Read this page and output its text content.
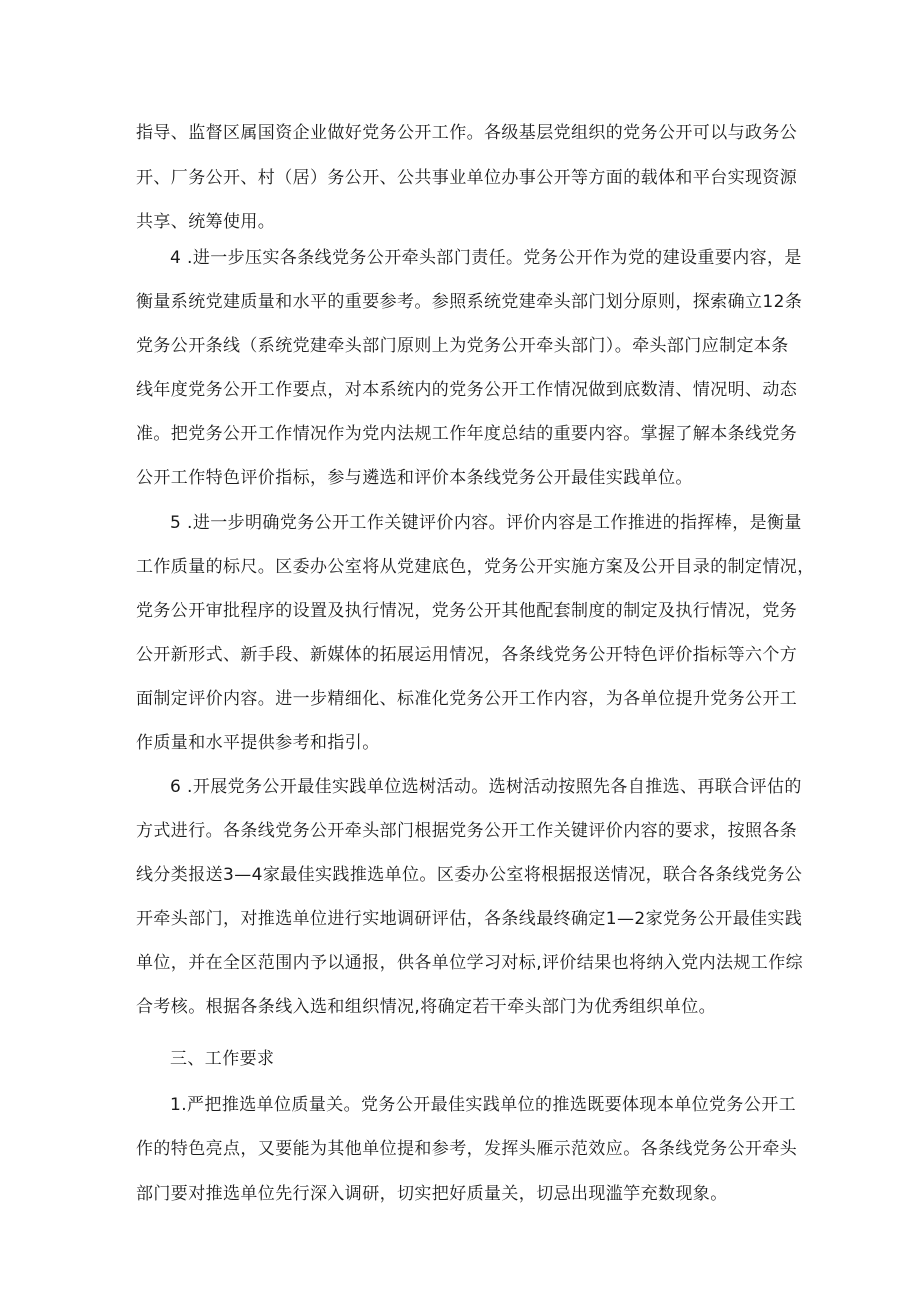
指导、监督区属国资企业做好党务公开工作。各级基层党组织的党务公开可以与政务公
开、厂务公开、村（居）务公开、公共事业单位办事公开等方面的载体和平台实现资源
共享、统筹使用。
4 .进一步压实各条线党务公开牵头部门责任。党务公开作为党的建设重要内容，是
衡量系统党建质量和水平的重要参考。参照系统党建牵头部门划分原则，探索确立12条
党务公开条线（系统党建牵头部门原则上为党务公开牵头部门）。牵头部门应制定本条
线年度党务公开工作要点，对本系统内的党务公开工作情况做到底数清、情况明、动态
准。把党务公开工作情况作为党内法规工作年度总结的重要内容。掌握了解本条线党务
公开工作特色评价指标，参与遴选和评价本条线党务公开最佳实践单位。
5 .进一步明确党务公开工作关键评价内容。评价内容是工作推进的指挥棒，是衡量
工作质量的标尺。区委办公室将从党建底色，党务公开实施方案及公开目录的制定情况，
党务公开审批程序的设置及执行情况，党务公开其他配套制度的制定及执行情况，党务
公开新形式、新手段、新媒体的拓展运用情况，各条线党务公开特色评价指标等六个方
面制定评价内容。进一步精细化、标准化党务公开工作内容，为各单位提升党务公开工
作质量和水平提供参考和指引。
6 .开展党务公开最佳实践单位选树活动。选树活动按照先各自推选、再联合评估的
方式进行。各条线党务公开牵头部门根据党务公开工作关键评价内容的要求，按照各条
线分类报送3—4家最佳实践推选单位。区委办公室将根据报送情况，联合各条线党务公
开牵头部门，对推选单位进行实地调研评估，各条线最终确定1—2家党务公开最佳实践
单位，并在全区范围内予以通报，供各单位学习对标,评价结果也将纳入党内法规工作综
合考核。根据各条线入选和组织情况,将确定若干牵头部门为优秀组织单位。
三、工作要求
1.严把推选单位质量关。党务公开最佳实践单位的推选既要体现本单位党务公开工
作的特色亮点，又要能为其他单位提和参考，发挥头雁示范效应。各条线党务公开牵头
部门要对推选单位先行深入调研，切实把好质量关，切忌出现滥竽充数现象。
